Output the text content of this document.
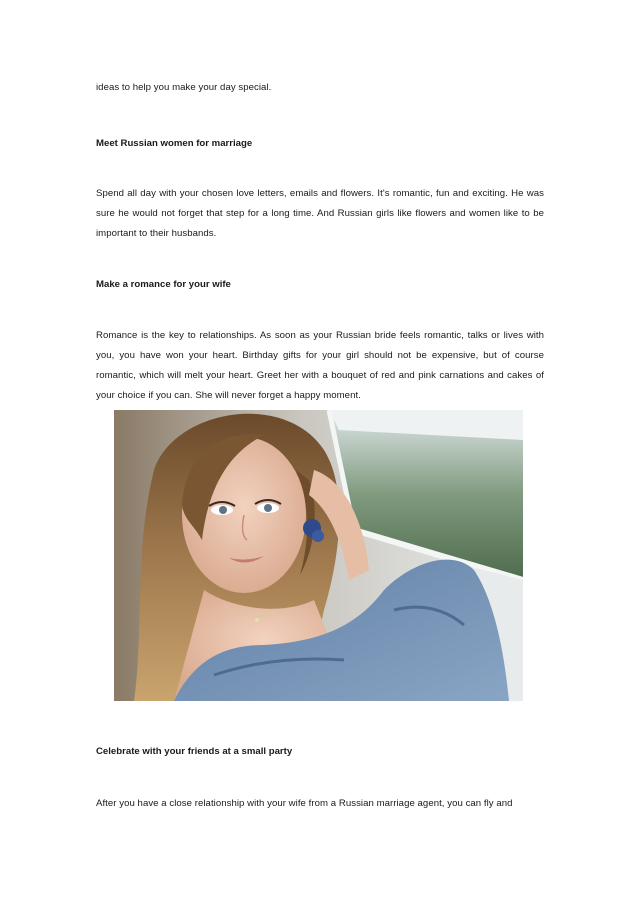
ideas to help you make your day special.

Meet Russian women for marriage

Spend all day with your chosen love letters, emails and flowers. It's romantic, fun and exciting. He was sure he would not forget that step for a long time. And Russian girls like flowers and women like to be important to their husbands.

Make a romance for your wife

Romance is the key to relationships. As soon as your Russian bride feels romantic, talks or lives with you, you have won your heart. Birthday gifts for your girl should not be expensive, but of course romantic, which will melt your heart. Greet her with a bouquet of red and pink carnations and cakes of your choice if you can. She will never forget a happy moment.

Celebrate with your friends at a small party

After you have a close relationship with your wife from a Russian marriage agent, you can fly and
